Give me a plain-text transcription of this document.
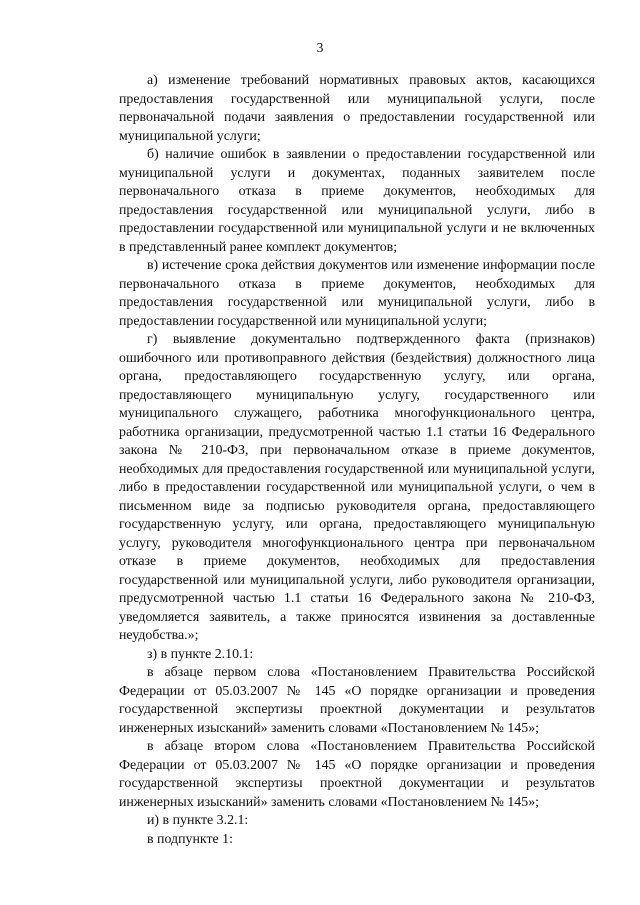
3

а) изменение требований нормативных правовых актов, касающихся предоставления государственной или муниципальной услуги, после первоначальной подачи заявления о предоставлении государственной или муниципальной услуги;

б) наличие ошибок в заявлении о предоставлении государственной или муниципальной услуги и документах, поданных заявителем после первоначального отказа в приеме документов, необходимых для предоставления государственной или муниципальной услуги, либо в предоставлении государственной или муниципальной услуги и не включенных в представленный ранее комплект документов;

в) истечение срока действия документов или изменение информации после первоначального отказа в приеме документов, необходимых для предоставления государственной или муниципальной услуги, либо в предоставлении государственной или муниципальной услуги;

г) выявление документально подтвержденного факта (признаков) ошибочного или противоправного действия (бездействия) должностного лица органа, предоставляющего государственную услугу, или органа, предоставляющего муниципальную услугу, государственного или муниципального служащего, работника многофункционального центра, работника организации, предусмотренной частью 1.1 статьи 16 Федерального закона № 210-ФЗ, при первоначальном отказе в приеме документов, необходимых для предоставления государственной или муниципальной услуги, либо в предоставлении государственной или муниципальной услуги, о чем в письменном виде за подписью руководителя органа, предоставляющего государственную услугу, или органа, предоставляющего муниципальную услугу, руководителя многофункционального центра при первоначальном отказе в приеме документов, необходимых для предоставления государственной или муниципальной услуги, либо руководителя организации, предусмотренной частью 1.1 статьи 16 Федерального закона № 210-ФЗ, уведомляется заявитель, а также приносятся извинения за доставленные неудобства.»;

з) в пункте 2.10.1:

в абзаце первом слова «Постановлением Правительства Российской Федерации от 05.03.2007 № 145 «О порядке организации и проведения государственной экспертизы проектной документации и результатов инженерных изысканий» заменить словами «Постановлением № 145»;

в абзаце втором слова «Постановлением Правительства Российской Федерации от 05.03.2007 № 145 «О порядке организации и проведения государственной экспертизы проектной документации и результатов инженерных изысканий» заменить словами «Постановлением № 145»;

и) в пункте 3.2.1:

в подпункте 1:
